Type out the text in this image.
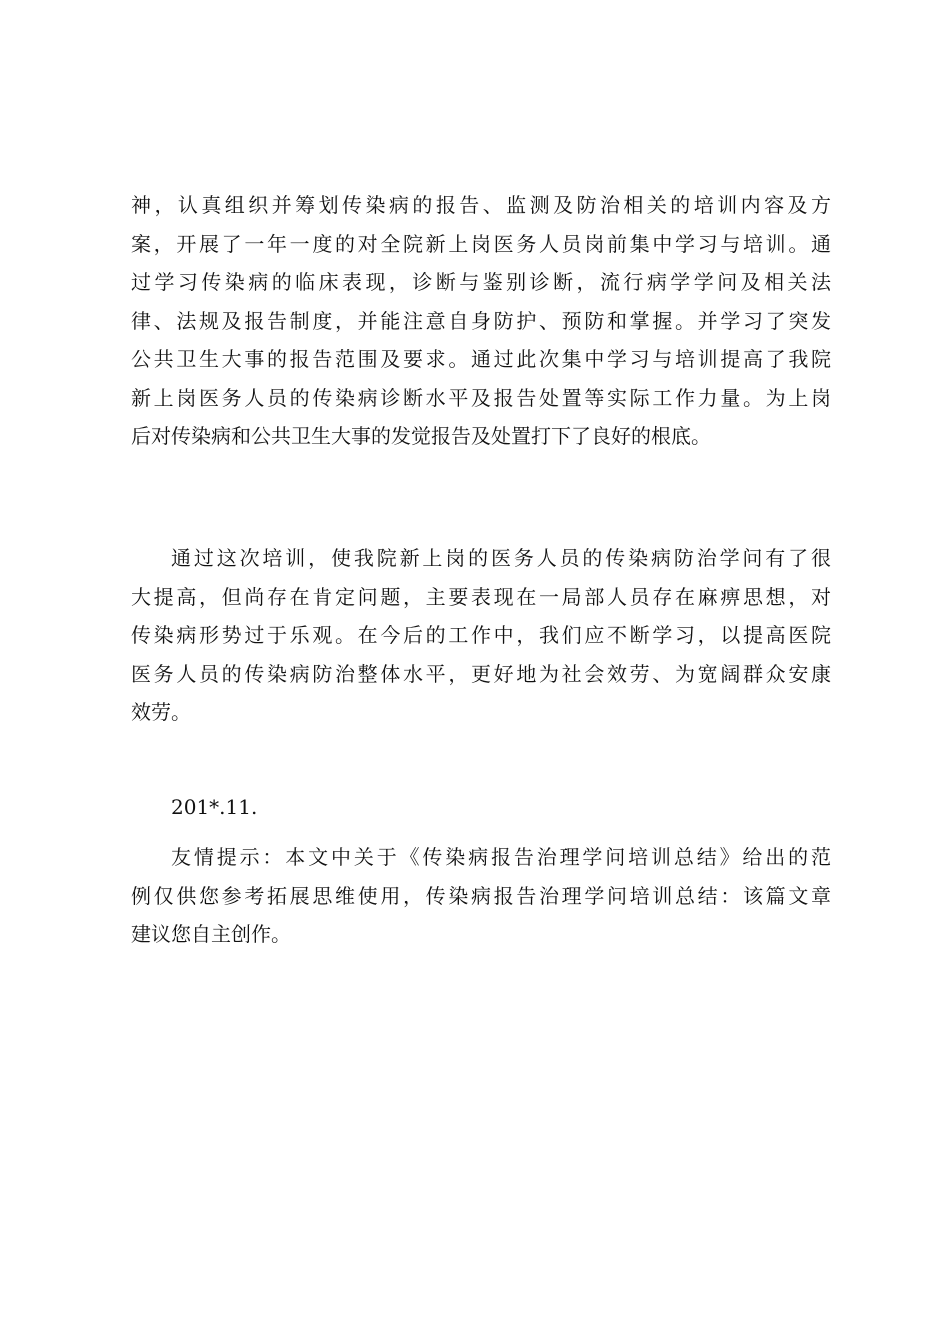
神，认真组织并筹划传染病的报告、监测及防治相关的培训内容及方
案，开展了一年一度的对全院新上岗医务人员岗前集中学习与培训。通
过学习传染病的临床表现，诊断与鉴别诊断，流行病学学问及相关法
律、法规及报告制度，并能注意自身防护、预防和掌握。并学习了突发
公共卫生大事的报告范围及要求。通过此次集中学习与培训提高了我院
新上岗医务人员的传染病诊断水平及报告处置等实际工作力量。为上岗
后对传染病和公共卫生大事的发觉报告及处置打下了良好的根底。
通过这次培训，使我院新上岗的医务人员的传染病防治学问有了很
大提高，但尚存在肯定问题，主要表现在一局部人员存在麻痹思想，对
传染病形势过于乐观。在今后的工作中，我们应不断学习，以提高医院
医务人员的传染病防治整体水平，更好地为社会效劳、为宽阔群众安康
效劳。
201*.11.
友情提示：本文中关于《传染病报告治理学问培训总结》给出的范
例仅供您参考拓展思维使用，传染病报告治理学问培训总结：该篇文章
建议您自主创作。
